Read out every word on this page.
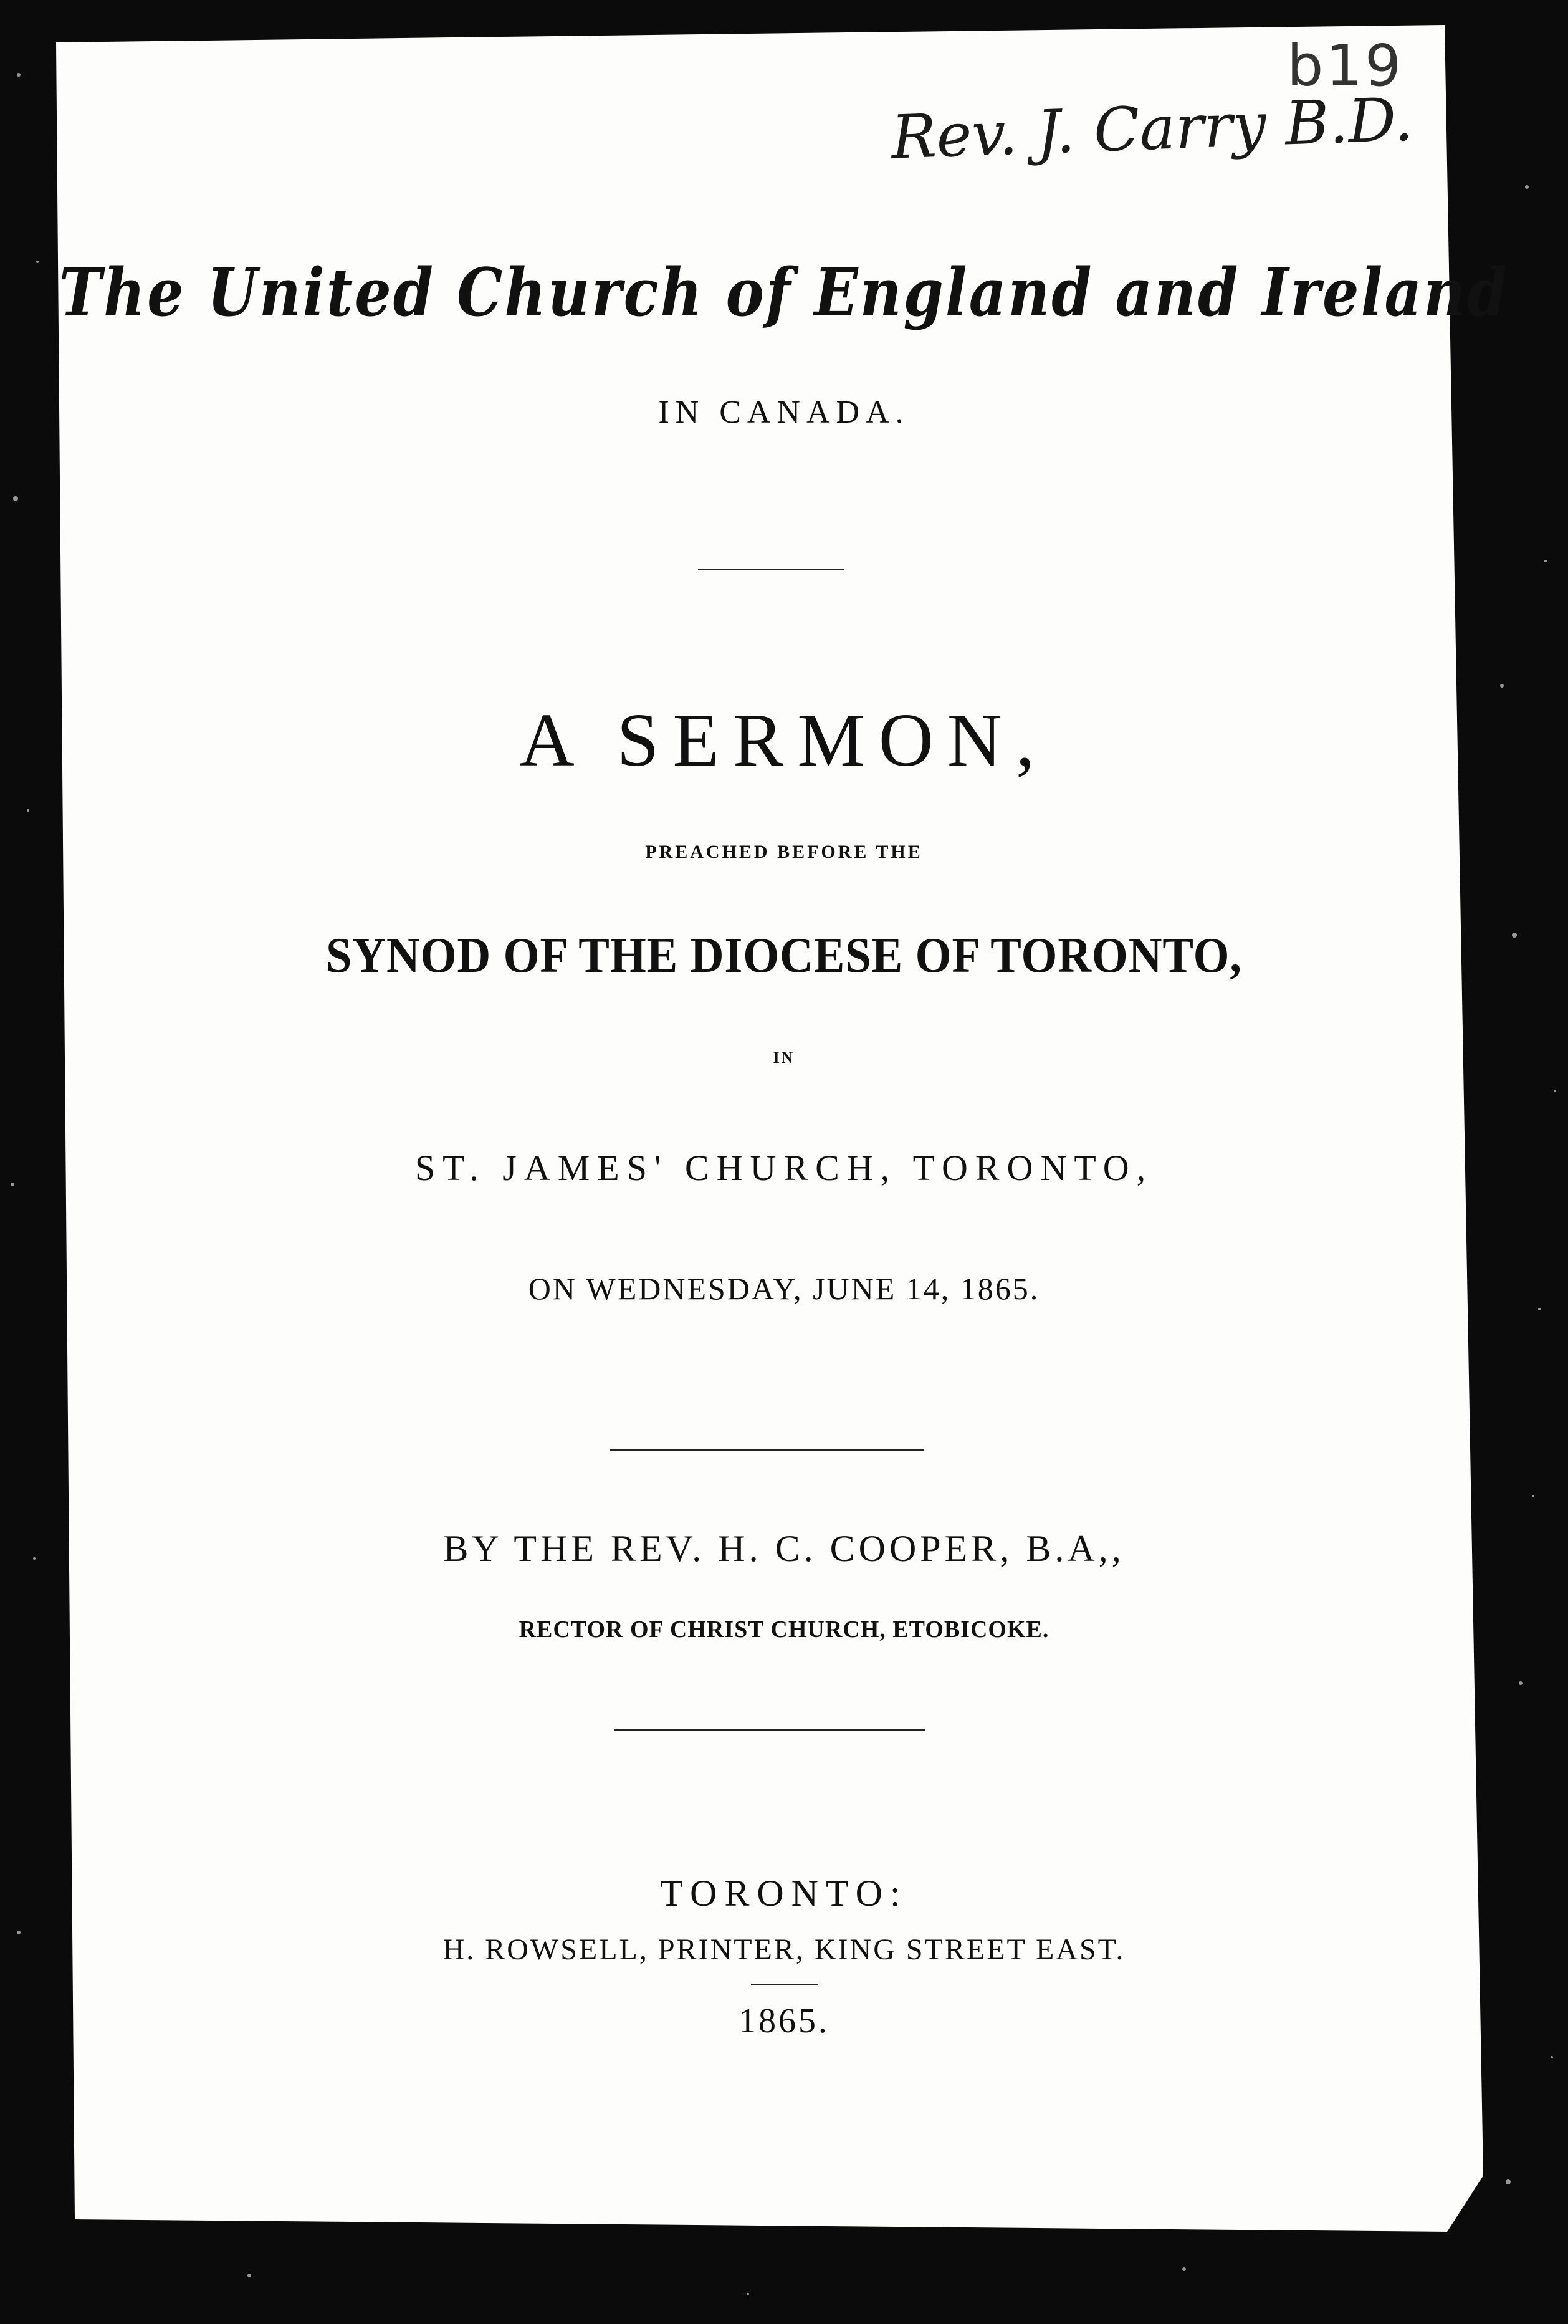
b19
Rev. J. Carry B.D.
The United Church of England and Ireland
IN CANADA.
A SERMON,
PREACHED BEFORE THE
SYNOD OF THE DIOCESE OF TORONTO,
IN
ST. JAMES' CHURCH, TORONTO,
ON WEDNESDAY, JUNE 14, 1865.
BY THE REV. H. C. COOPER, B.A,,
RECTOR OF CHRIST CHURCH, ETOBICOKE.
TORONTO:
H. ROWSELL, PRINTER, KING STREET EAST.
1865.
